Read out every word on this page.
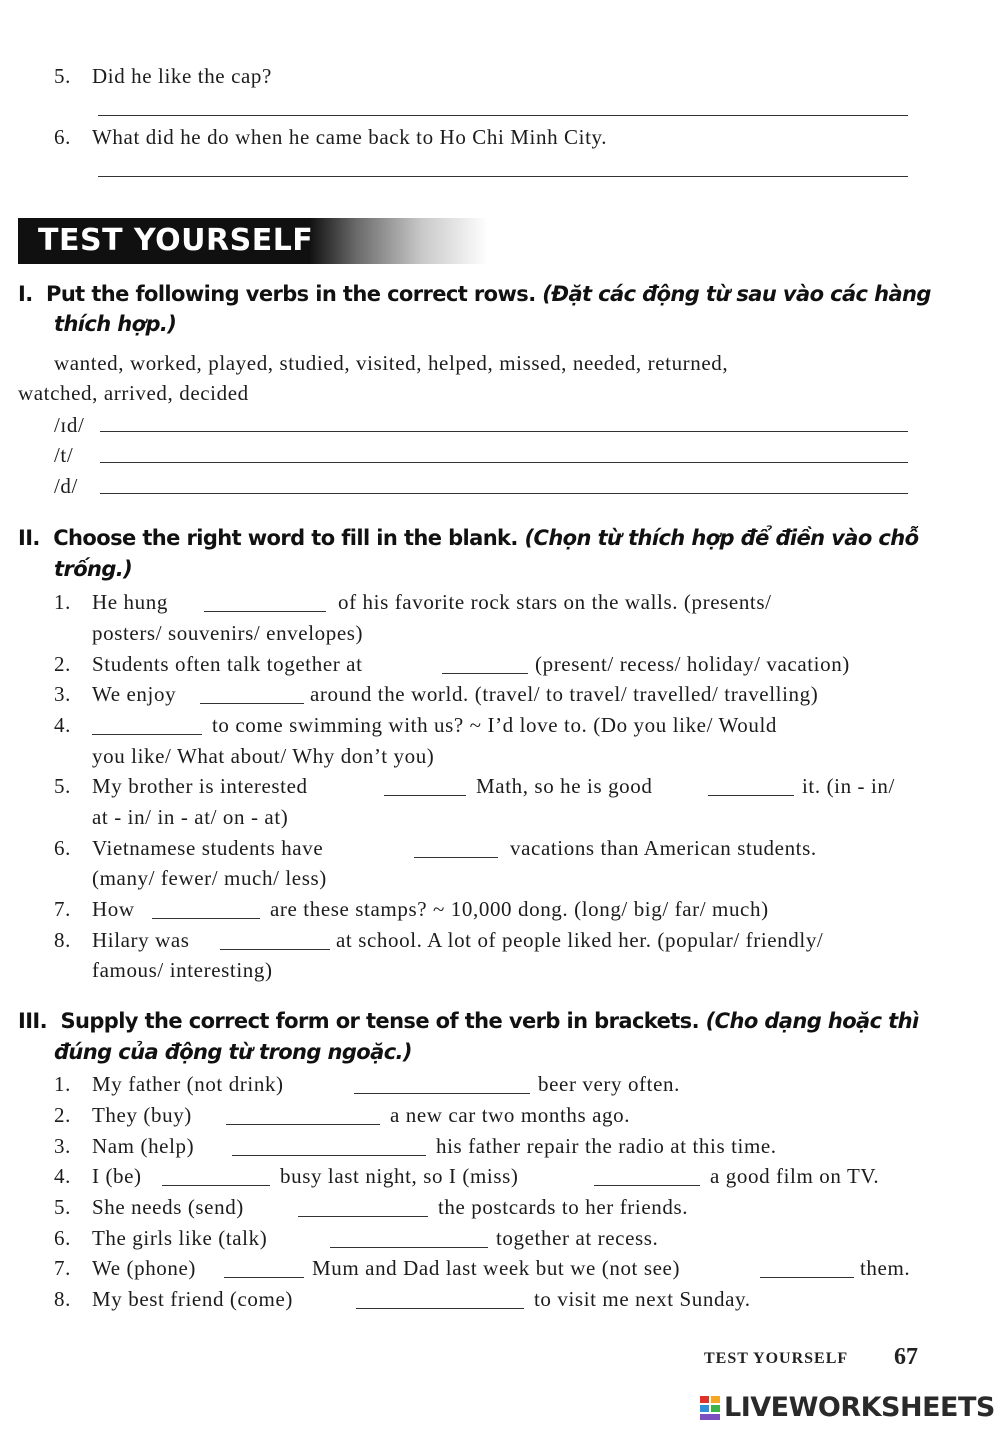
5. Did he like the cap?
6. What did he do when he came back to Ho Chi Minh City.
TEST YOURSELF
I. Put the following verbs in the correct rows. (Đặt các động từ sau vào các hàng
thích hợp.)
wanted, worked, played, studied, visited, helped, missed, needed, returned,
watched, arrived, decided
/ɪd/
/t/
/d/
II. Choose the right word to fill in the blank. (Chọn từ thích hợp để điền vào chỗ
trống.)
1. He hung	of his favorite rock stars on the walls. (presents/
posters/ souvenirs/ envelopes)
2. Students often talk together at	(present/ recess/ holiday/ vacation)
3. We enjoy	around the world. (travel/ to travel/ travelled/ travelling)
4.	to come swimming with us? ~ I’d love to. (Do you like/ Would
you like/ What about/ Why don’t you)
5. My brother is interested	Math, so he is good	it. (in - in/
at - in/ in - at/ on - at)
6. Vietnamese students have	vacations than American students.
(many/ fewer/ much/ less)
7. How	are these stamps? ~ 10,000 dong. (long/ big/ far/ much)
8. Hilary was	at school. A lot of people liked her. (popular/ friendly/
famous/ interesting)
III. Supply the correct form or tense of the verb in brackets. (Cho dạng hoặc thì
đúng của động từ trong ngoặc.)
1. My father (not drink)	beer very often.
2. They (buy)	a new car two months ago.
3. Nam (help)	his father repair the radio at this time.
4. I (be)	busy last night, so I (miss)	a good film on TV.
5. She needs (send)	the postcards to her friends.
6. The girls like (talk)	together at recess.
7. We (phone)	Mum and Dad last week but we (not see)	them.
8. My best friend (come)	to visit me next Sunday.
TEST YOURSELF 67
LIVEWORKSHEETS
